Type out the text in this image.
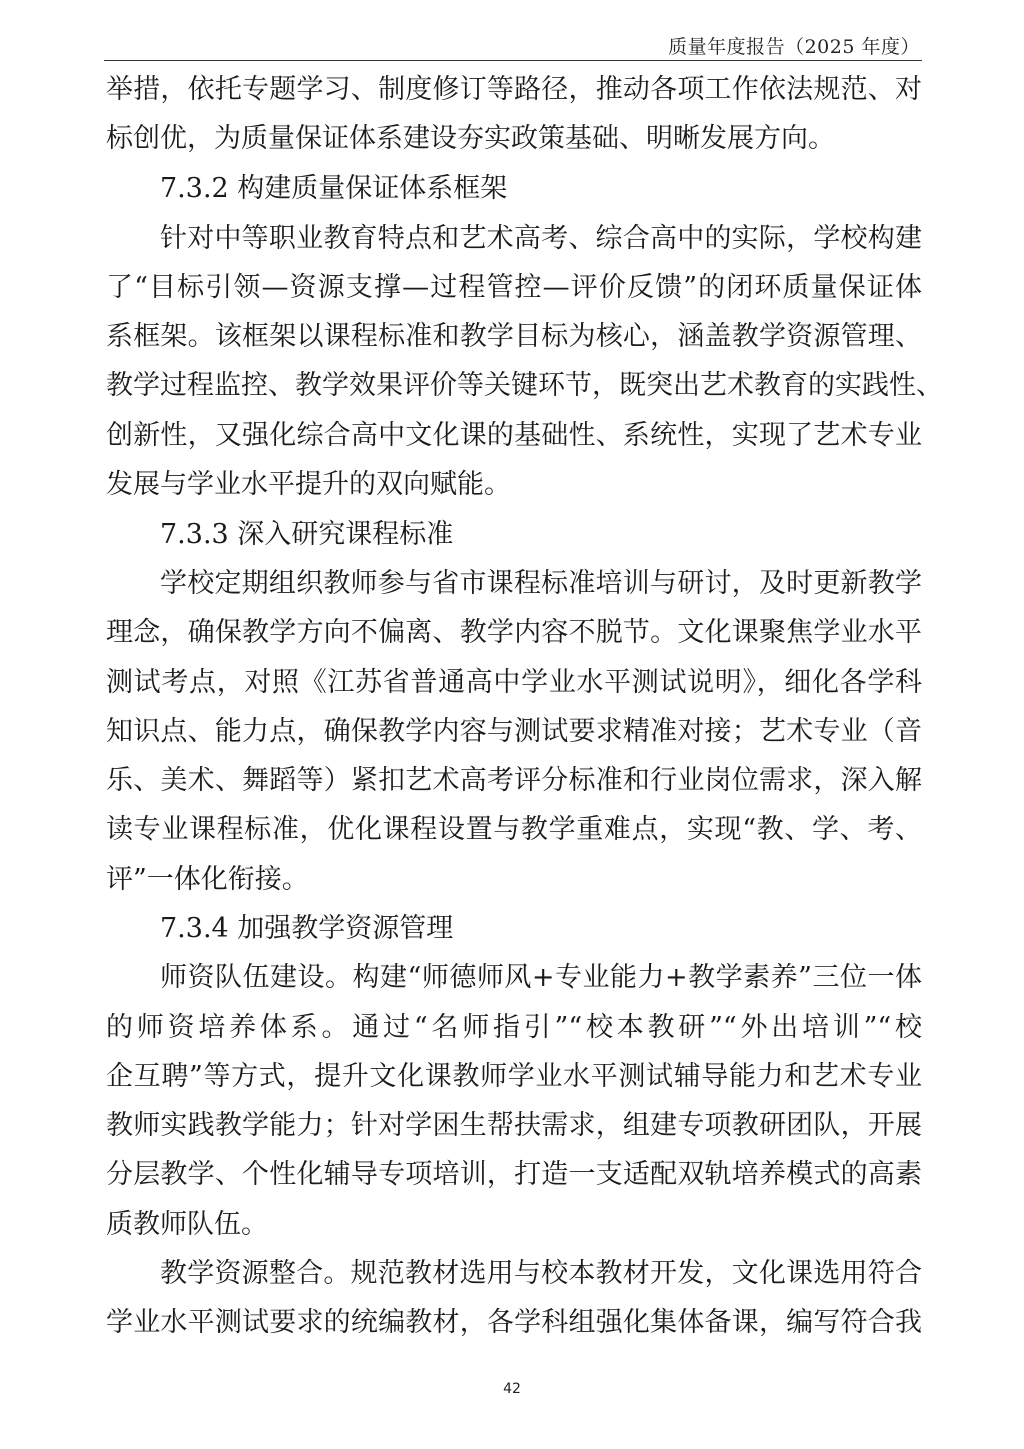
质量年度报告（2025 年度）
举措，依托专题学习、制度修订等路径，推动各项工作依法规范、对
标创优，为质量保证体系建设夯实政策基础、明晰发展方向。
7.3.2 构建质量保证体系框架
针对中等职业教育特点和艺术高考、综合高中的实际，学校构建
了“目标引领—资源支撑—过程管控—评价反馈”的闭环质量保证体
系框架。该框架以课程标准和教学目标为核心，涵盖教学资源管理、
教学过程监控、教学效果评价等关键环节，既突出艺术教育的实践性、
创新性，又强化综合高中文化课的基础性、系统性，实现了艺术专业
发展与学业水平提升的双向赋能。
7.3.3 深入研究课程标准
学校定期组织教师参与省市课程标准培训与研讨，及时更新教学
理念，确保教学方向不偏离、教学内容不脱节。文化课聚焦学业水平
测试考点，对照《江苏省普通高中学业水平测试说明》，细化各学科
知识点、能力点，确保教学内容与测试要求精准对接；艺术专业（音
乐、美术、舞蹈等）紧扣艺术高考评分标准和行业岗位需求，深入解
读专业课程标准，优化课程设置与教学重难点，实现“教、学、考、
评”一体化衔接。
7.3.4 加强教学资源管理
师资队伍建设。构建“师德师风+专业能力+教学素养”三位一体
的师资培养体系。通过“名师指引”“校本教研”“外出培训”“校
企互聘”等方式，提升文化课教师学业水平测试辅导能力和艺术专业
教师实践教学能力；针对学困生帮扶需求，组建专项教研团队，开展
分层教学、个性化辅导专项培训，打造一支适配双轨培养模式的高素
质教师队伍。
教学资源整合。规范教材选用与校本教材开发，文化课选用符合
学业水平测试要求的统编教材，各学科组强化集体备课，编写符合我
42
